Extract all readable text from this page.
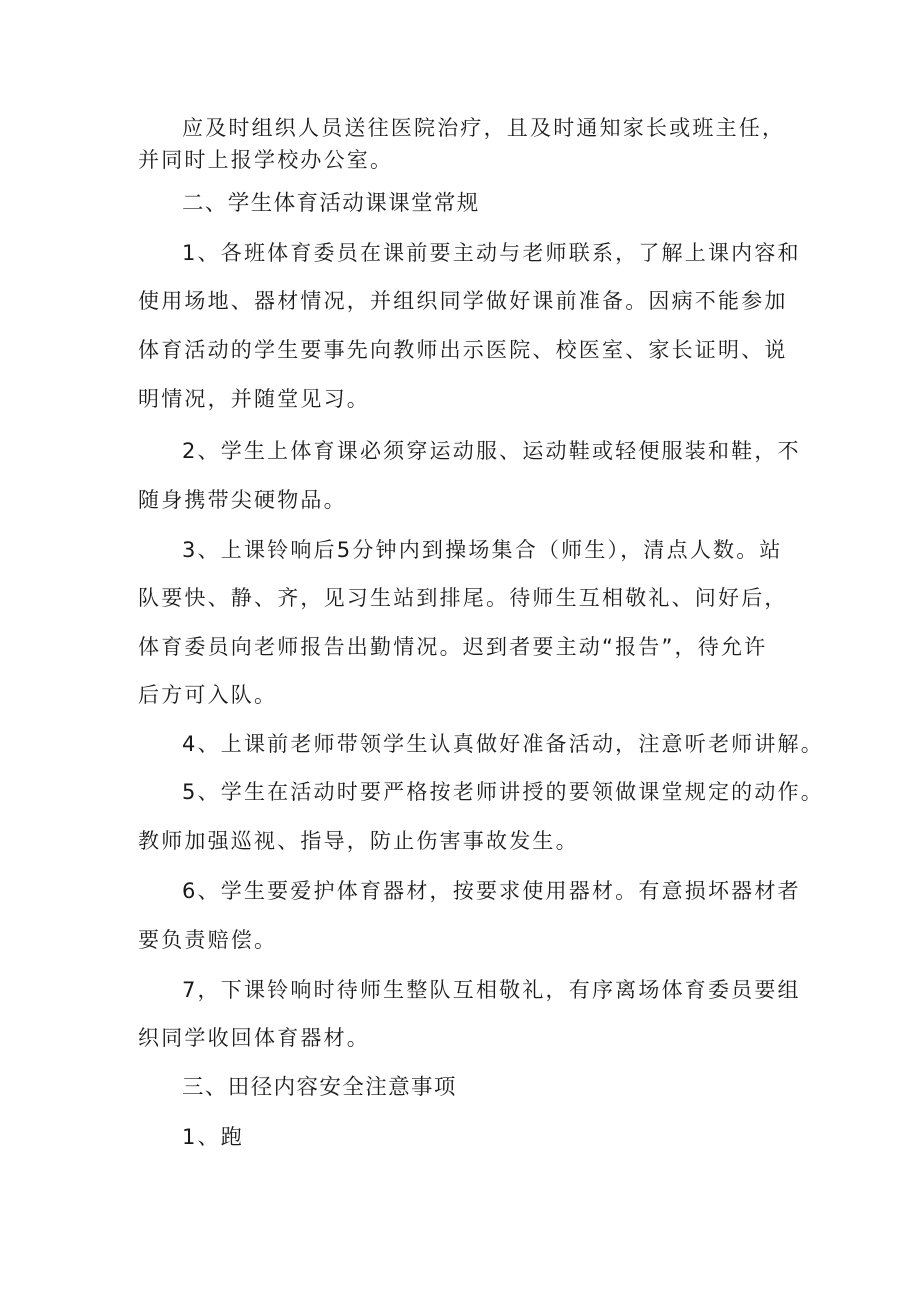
应及时组织人员送往医院治疗，且及时通知家长或班主任，
并同时上报学校办公室。
二、学生体育活动课课堂常规
1、各班体育委员在课前要主动与老师联系，了解上课内容和
使用场地、器材情况，并组织同学做好课前准备。因病不能参加
体育活动的学生要事先向教师出示医院、校医室、家长证明、说
明情况，并随堂见习。
2、学生上体育课必须穿运动服、运动鞋或轻便服装和鞋，不
随身携带尖硬物品。
3、上课铃响后5分钟内到操场集合（师生），清点人数。站
队要快、静、齐，见习生站到排尾。待师生互相敬礼、问好后，
体育委员向老师报告出勤情况。迟到者要主动“报告”，待允许
后方可入队。
4、上课前老师带领学生认真做好准备活动，注意听老师讲解。
5、学生在活动时要严格按老师讲授的要领做课堂规定的动作。
教师加强巡视、指导，防止伤害事故发生。
6、学生要爱护体育器材，按要求使用器材。有意损坏器材者
要负责赔偿。
7，下课铃响时待师生整队互相敬礼，有序离场体育委员要组
织同学收回体育器材。
三、田径内容安全注意事项
1、跑
